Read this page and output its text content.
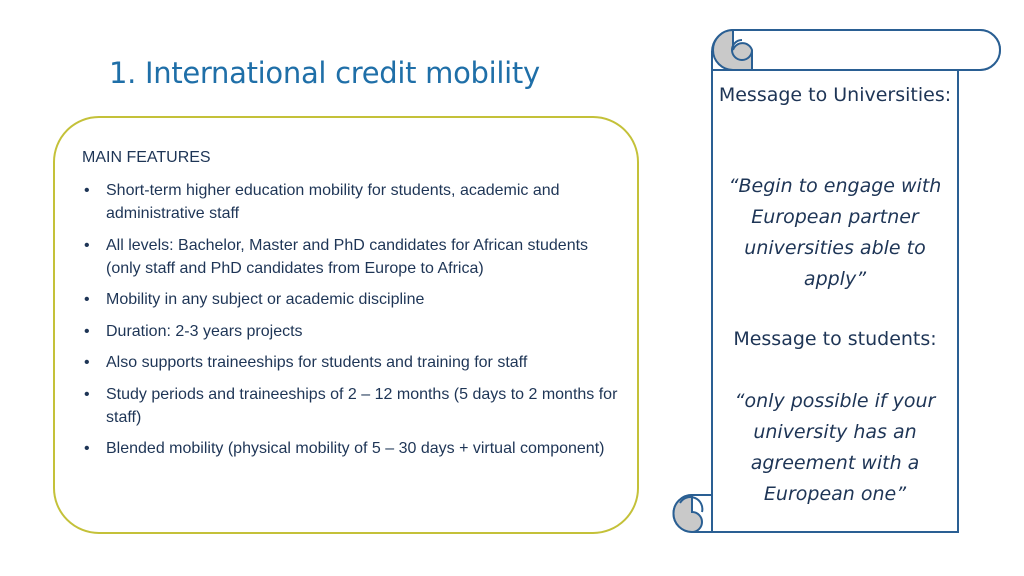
1. International credit mobility
MAIN FEATURES
• Short-term higher education mobility for students, academic and administrative staff
• All levels: Bachelor, Master and PhD candidates for African students (only staff and PhD candidates from Europe to Africa)
• Mobility in any subject or academic discipline
• Duration: 2-3 years projects
• Also supports traineeships for students and training for staff
• Study periods and traineeships of 2 – 12 months (5 days to 2 months for staff)
• Blended mobility (physical mobility of 5 – 30 days + virtual component)
Message to Universities:
“Begin to engage with European partner universities able to apply”
Message to students:
“only possible if your university has an agreement with a European one”
